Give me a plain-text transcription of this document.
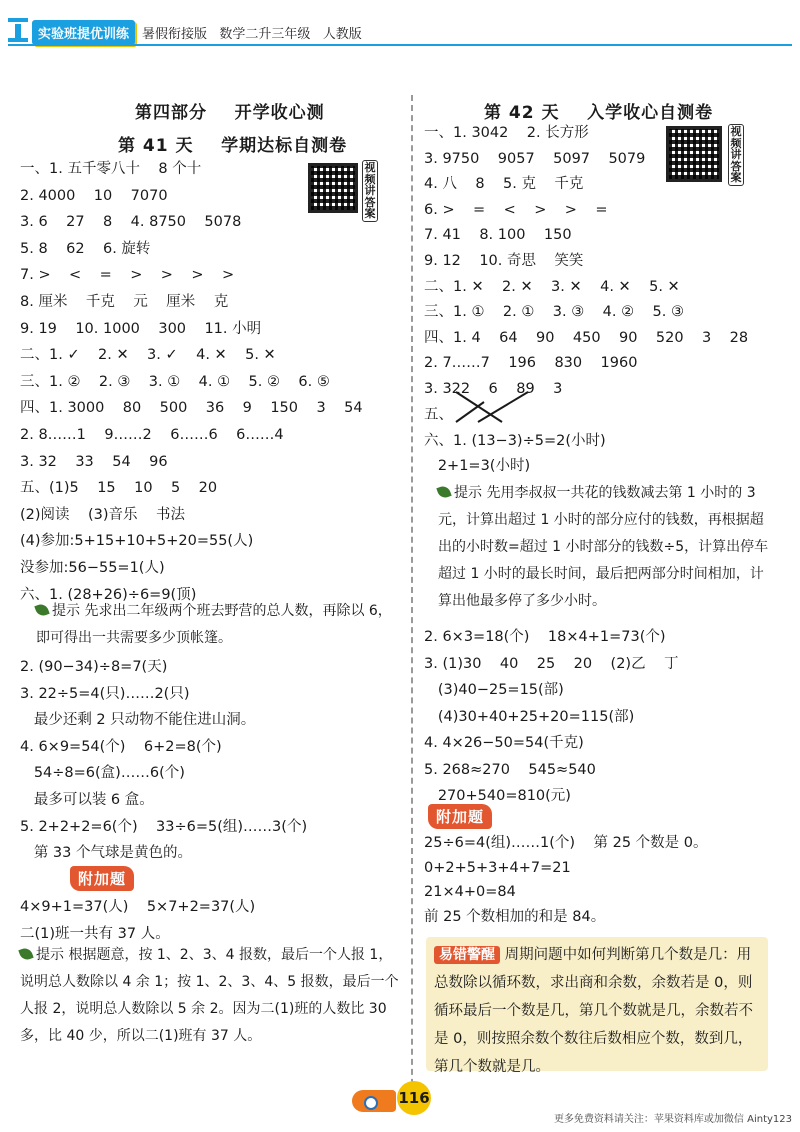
实验班提优训练 暑假衔接版   数学二升三年级   人教版
第四部分    开学收心测
第 41 天    学期达标自测卷
视频讲答案
一、1. 五千零八十    8 个十
2. 4000    10    7070
3. 6    27    8    4. 8750    5078
5. 8    62    6. 旋转
7. >    <    =    >    >    >    >
8. 厘米    千克    元    厘米    克
9. 19    10. 1000    300    11. 小明
二、1. ✓    2. ✕    3. ✓    4. ✕    5. ✕
三、1. ②    2. ③    3. ①    4. ①    5. ②    6. ⑤
四、1. 3000    80    500    36    9    150    3    54
2. 8……1    9……2    6……6    6……4
3. 32    33    54    96
五、(1)5    15    10    5    20
(2)阅读    (3)音乐    书法
(4)参加:5+15+10+5+20=55(人)
没参加:56−55=1(人)
六、1. (28+26)÷6=9(顶)
提示 先求出二年级两个班去野营的总人数，再除以 6，即可得出一共需要多少顶帐篷。
2. (90−34)÷8=7(天)
3. 22÷5=4(只)……2(只)
最少还剩 2 只动物不能住进山洞。
4. 6×9=54(个)    6+2=8(个)
54÷8=6(盒)……6(个)
最多可以装 6 盒。
5. 2+2+2=6(个)    33÷6=5(组)……3(个)
第 33 个气球是黄色的。
附加题
4×9+1=37(人)    5×7+2=37(人)
二(1)班一共有 37 人。
提示 根据题意，按 1、2、3、4 报数，最后一个人报 1，说明总人数除以 4 余 1；按 1、2、3、4、5 报数，最后一个人报 2，说明总人数除以 5 余 2。因为二(1)班的人数比 30 多，比 40 少，所以二(1)班有 37 人。
第 42 天    入学收心自测卷
视频讲答案
一、1. 3042    2. 长方形
3. 9750    9057    5097    5079
4. 八    8    5. 克    千克
6. >    =    <    >    >    =
7. 41    8. 100    150
9. 12    10. 奇思    笑笑
二、1. ✕    2. ✕    3. ✕    4. ✕    5. ✕
三、1. ①    2. ①    3. ③    4. ②    5. ③
四、1. 4    64    90    450    90    520    3    28
2. 7……7    196    830    1960
3. 322    6    89    3
五、
六、1. (13−3)÷5=2(小时)
2+1=3(小时)
提示 先用李叔叔一共花的钱数减去第 1 小时的 3 元，计算出超过 1 小时的部分应付的钱数，再根据超出的小时数=超过 1 小时部分的钱数÷5，计算出停车超过 1 小时的最长时间，最后把两部分时间相加，计算出他最多停了多少小时。
2. 6×3=18(个)    18×4+1=73(个)
3. (1)30    40    25    20    (2)乙    丁
(3)40−25=15(部)
(4)30+40+25+20=115(部)
4. 4×26−50=54(千克)
5. 268≈270    545≈540
270+540=810(元)
附加题
25÷6=4(组)……1(个)    第 25 个数是 0。
0+2+5+3+4+7=21
21×4+0=84
前 25 个数相加的和是 84。
易错警醒 周期问题中如何判断第几个数是几：用总数除以循环数，求出商和余数，余数若是 0，则循环最后一个数是几，第几个数就是几，余数若不是 0，则按照余数个数往后数相应个数，数到几，第几个数就是几。
116
更多免费资料请关注：苹果资料库或加微信 Ainty123
